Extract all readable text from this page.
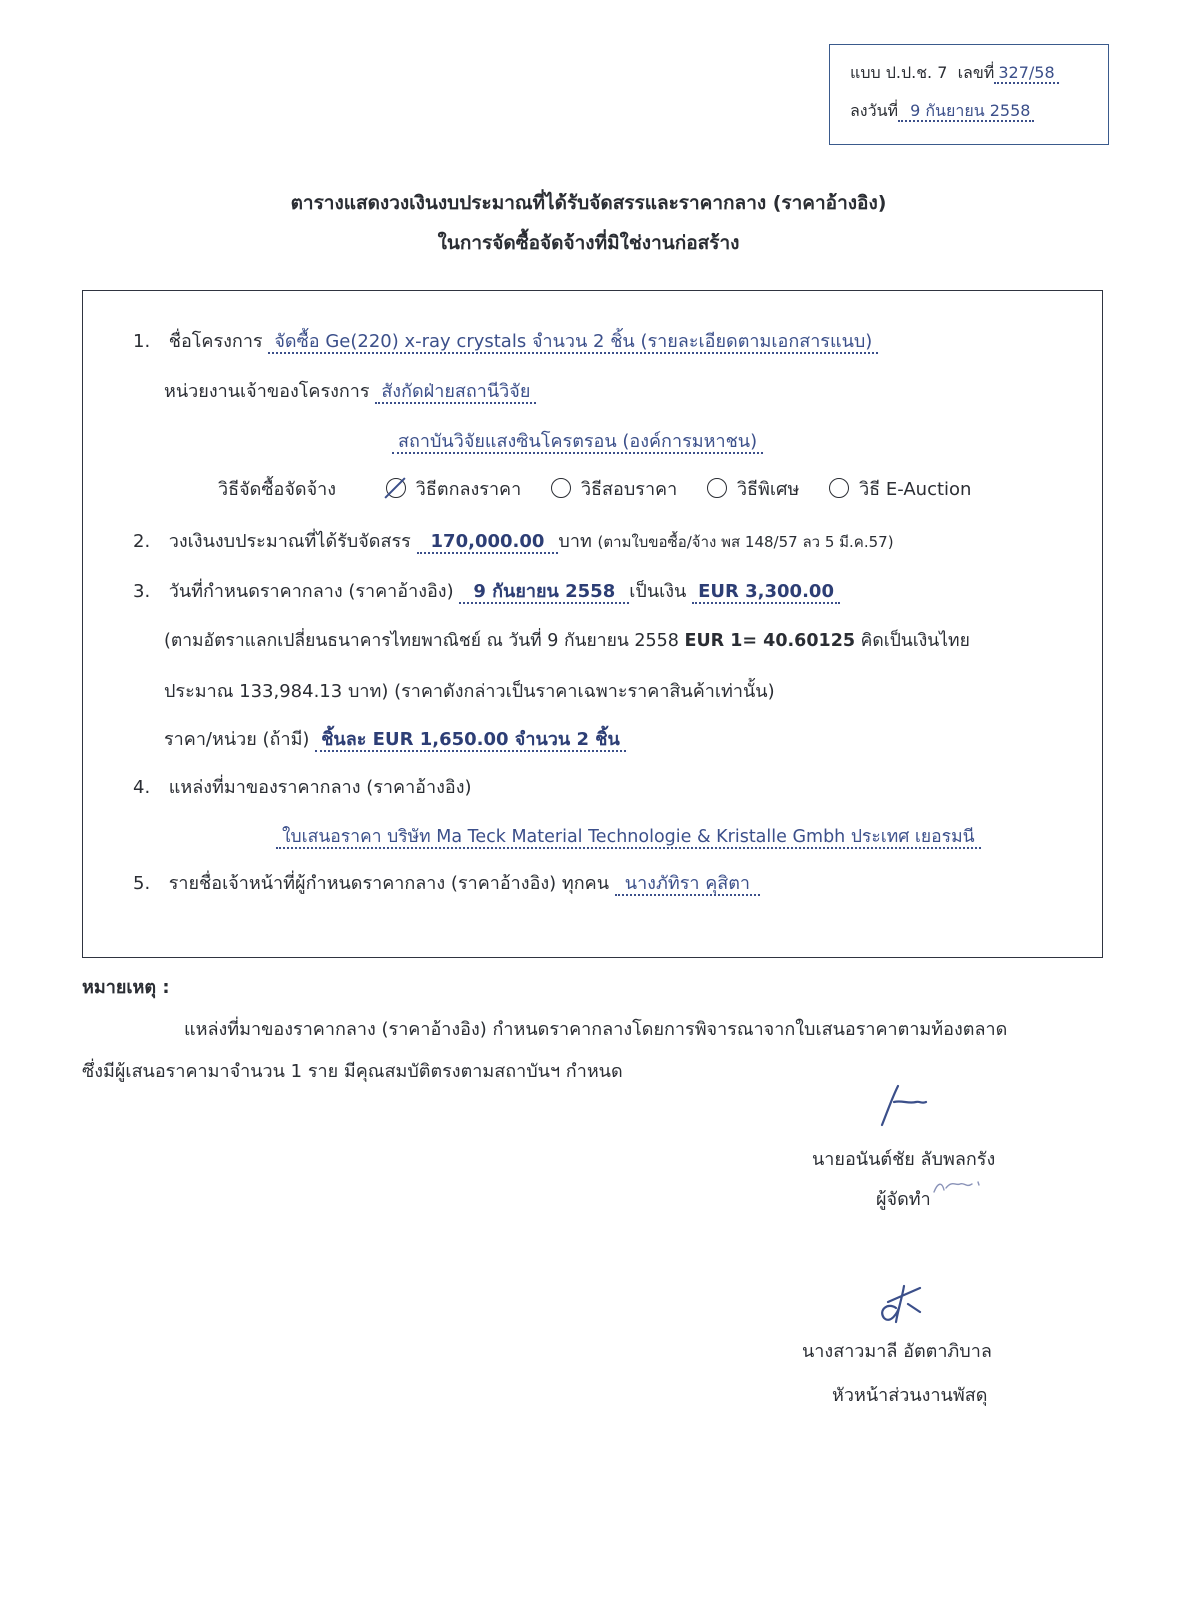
แบบ ป.ป.ช. 7 เลขที่ 327/58
ลงวันที่ 9 กันยายน 2558
ตารางแสดงวงเงินงบประมาณที่ได้รับจัดสรรและราคากลาง (ราคาอ้างอิง)
ในการจัดซื้อจัดจ้างที่มิใช่งานก่อสร้าง
1. ชื่อโครงการ จัดซื้อ Ge(220) x-ray crystals จำนวน 2 ชิ้น (รายละเอียดตามเอกสารแนบ)
หน่วยงานเจ้าของโครงการ สังกัดฝ่ายสถานีวิจัย
สถาบันวิจัยแสงซินโครตรอน (องค์การมหาชน)
วิธีจัดซื้อจัดจ้าง	วิธีตกลงราคา	วิธีสอบราคา	วิธีพิเศษ	วิธี E-Auction
2. วงเงินงบประมาณที่ได้รับจัดสรร 170,000.00 บาท (ตามใบขอซื้อ/จ้าง พส 148/57 ลว 5 มี.ค.57)
3. วันที่กำหนดราคากลาง (ราคาอ้างอิง) 9 กันยายน 2558 เป็นเงิน EUR 3,300.00
(ตามอัตราแลกเปลี่ยนธนาคารไทยพาณิชย์ ณ วันที่ 9 กันยายน 2558 EUR 1= 40.60125 คิดเป็นเงินไทย
ประมาณ 133,984.13 บาท) (ราคาดังกล่าวเป็นราคาเฉพาะราคาสินค้าเท่านั้น)
ราคา/หน่วย (ถ้ามี) ชิ้นละ EUR 1,650.00 จำนวน 2 ชิ้น
4. แหล่งที่มาของราคากลาง (ราคาอ้างอิง)
ใบเสนอราคา บริษัท Ma Teck Material Technologie & Kristalle Gmbh ประเทศ เยอรมนี
5. รายชื่อเจ้าหน้าที่ผู้กำหนดราคากลาง (ราคาอ้างอิง) ทุกคน นางภัทิรา คุสิตา
หมายเหตุ :
แหล่งที่มาของราคากลาง (ราคาอ้างอิง) กำหนดราคากลางโดยการพิจารณาจากใบเสนอราคาตามท้องตลาด
ซึ่งมีผู้เสนอราคามาจำนวน 1 ราย มีคุณสมบัติตรงตามสถาบันฯ กำหนด
นายอนันต์ชัย ลับพลกรัง
ผู้จัดทำ
นางสาวมาลี อัตตาภิบาล
หัวหน้าส่วนงานพัสดุ
